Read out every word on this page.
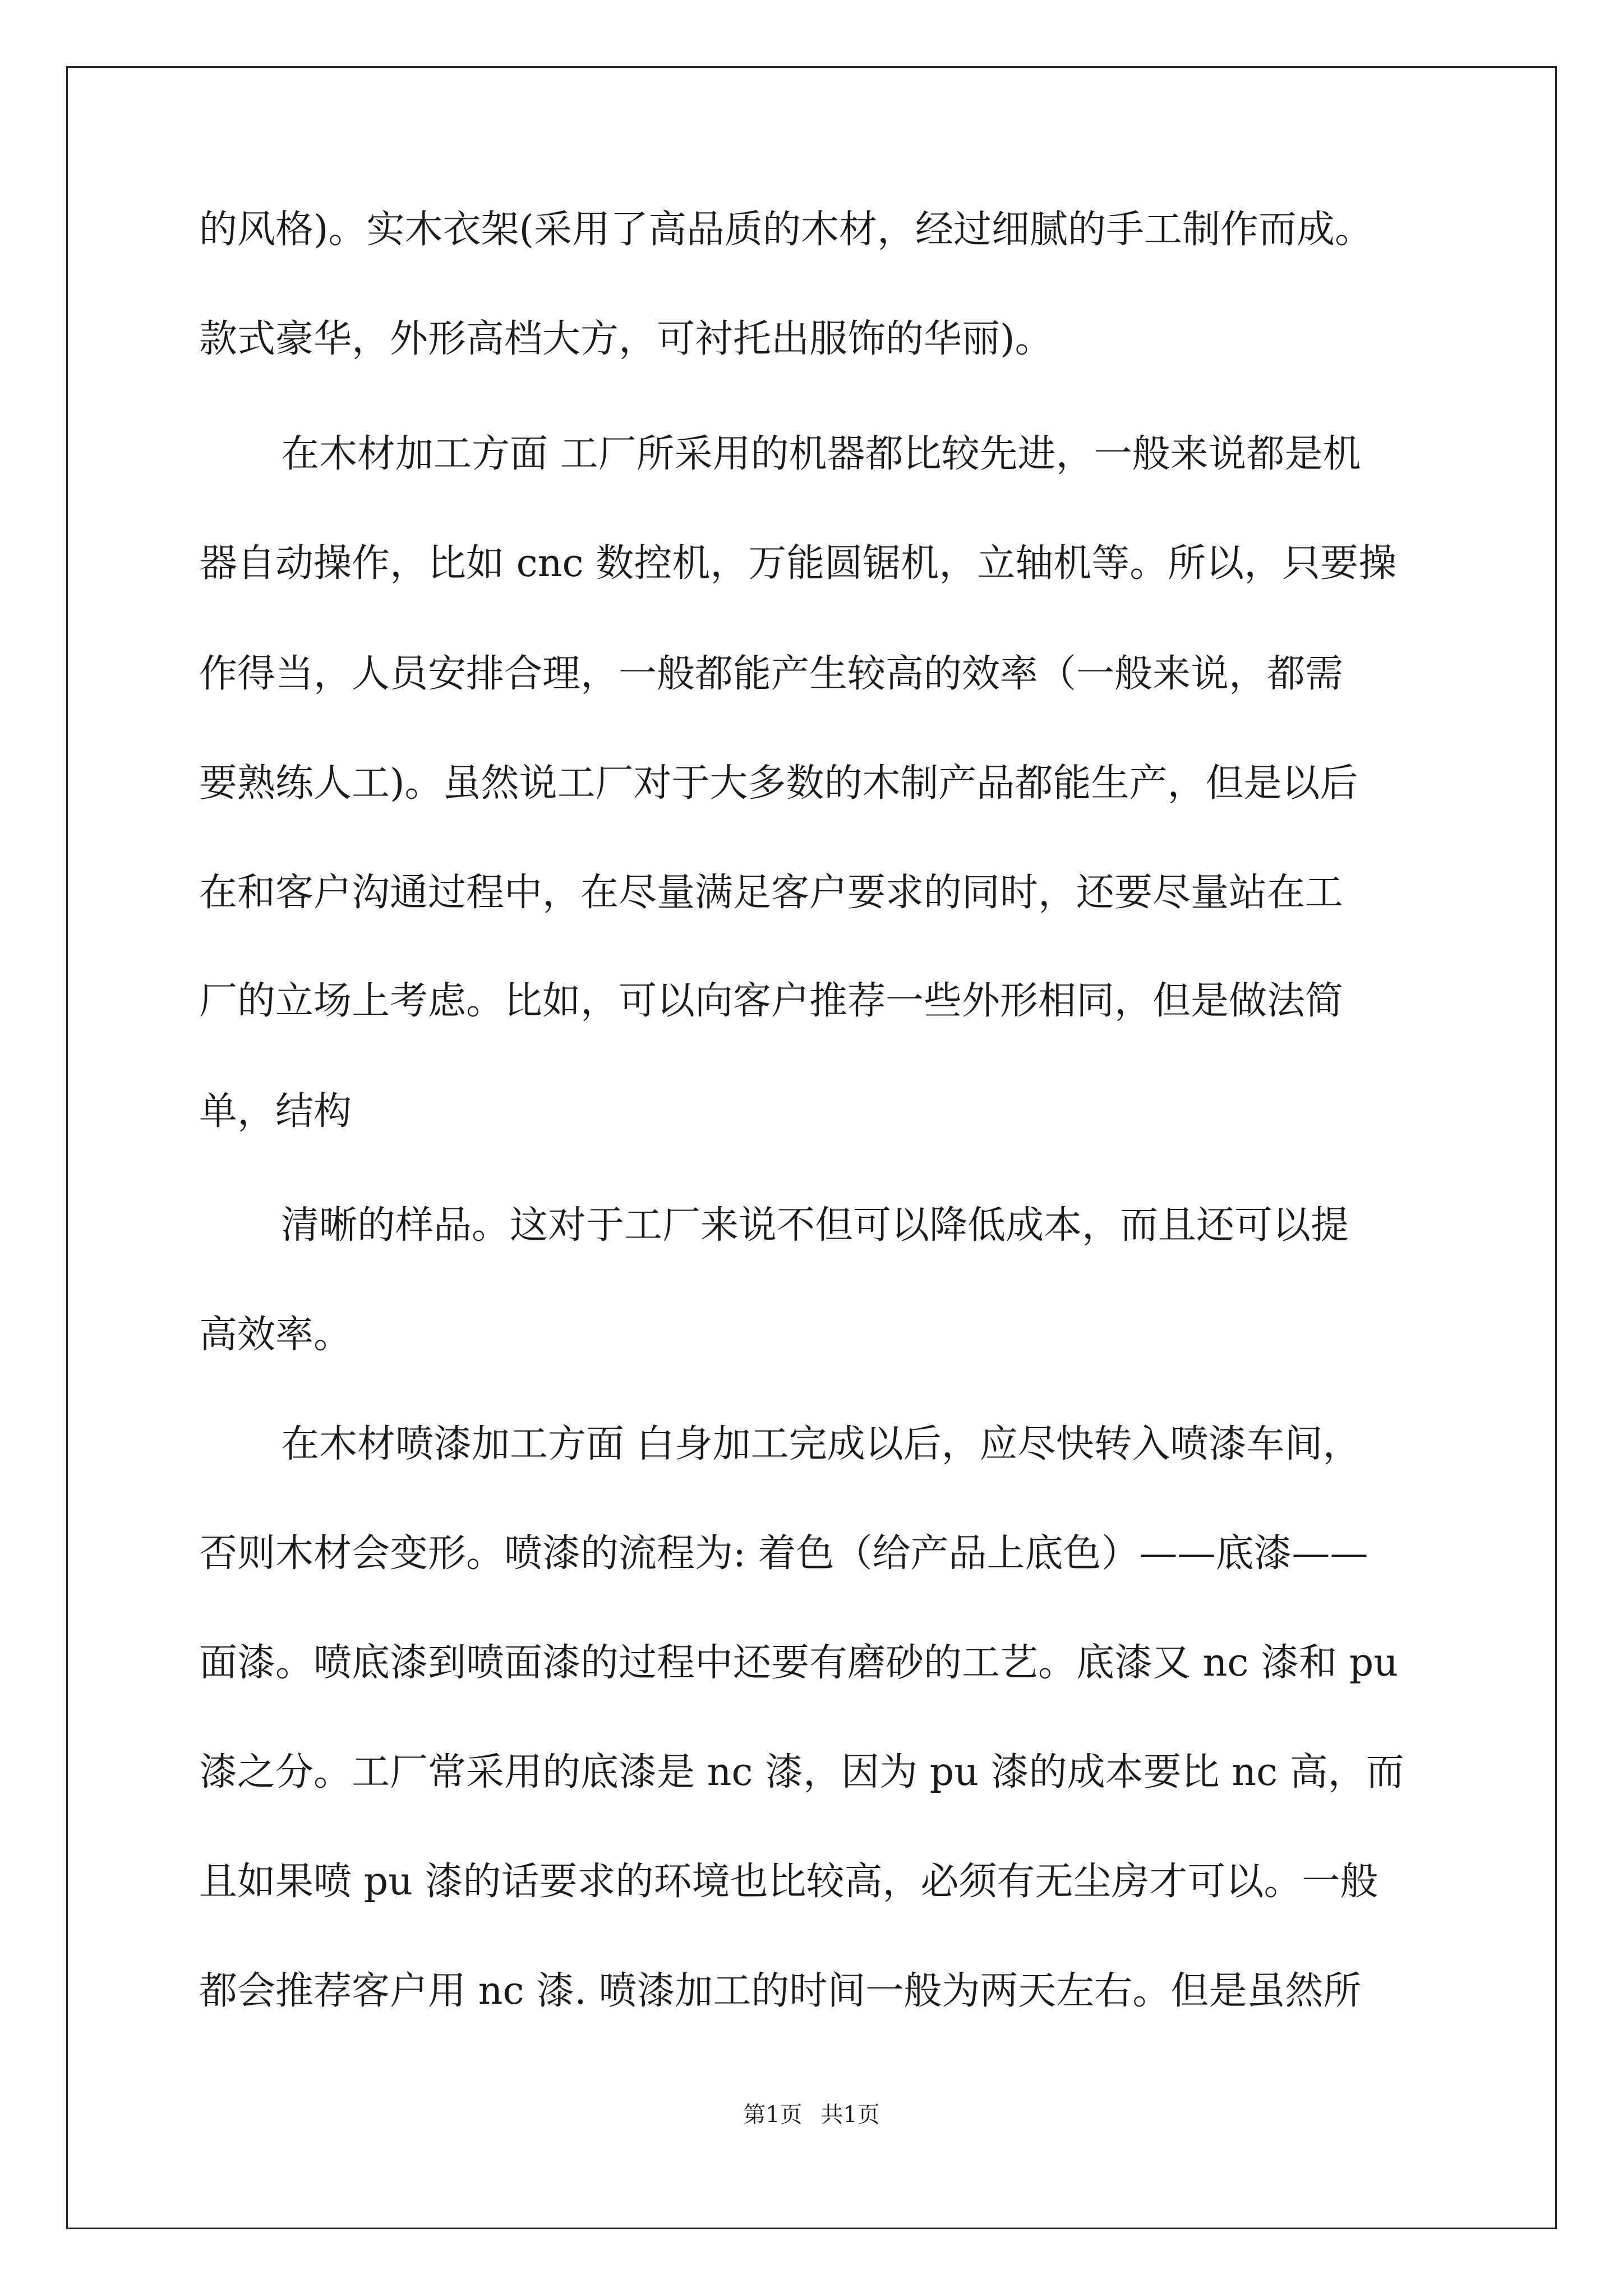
的风格)。实木衣架(采用了高品质的木材，经过细腻的手工制作而成。
款式豪华，外形高档大方，可衬托出服饰的华丽)。
在木材加工方面 工厂所采用的机器都比较先进，一般来说都是机
器自动操作，比如 cnc 数控机，万能圆锯机，立轴机等。所以，只要操
作得当，人员安排合理，一般都能产生较高的效率（一般来说，都需
要熟练人工)。虽然说工厂对于大多数的木制产品都能生产，但是以后
在和客户沟通过程中，在尽量满足客户要求的同时，还要尽量站在工
厂的立场上考虑。比如，可以向客户推荐一些外形相同，但是做法简
单，结构
清晰的样品。这对于工厂来说不但可以降低成本，而且还可以提
高效率。
在木材喷漆加工方面 白身加工完成以后，应尽快转入喷漆车间，
否则木材会变形。喷漆的流程为: 着色（给产品上底色）——底漆——
面漆。喷底漆到喷面漆的过程中还要有磨砂的工艺。底漆又 nc 漆和 pu
漆之分。工厂常采用的底漆是 nc 漆，因为 pu 漆的成本要比 nc 高，而
且如果喷 pu 漆的话要求的环境也比较高，必须有无尘房才可以。一般
都会推荐客户用 nc 漆. 喷漆加工的时间一般为两天左右。但是虽然所
第1页 共1页
